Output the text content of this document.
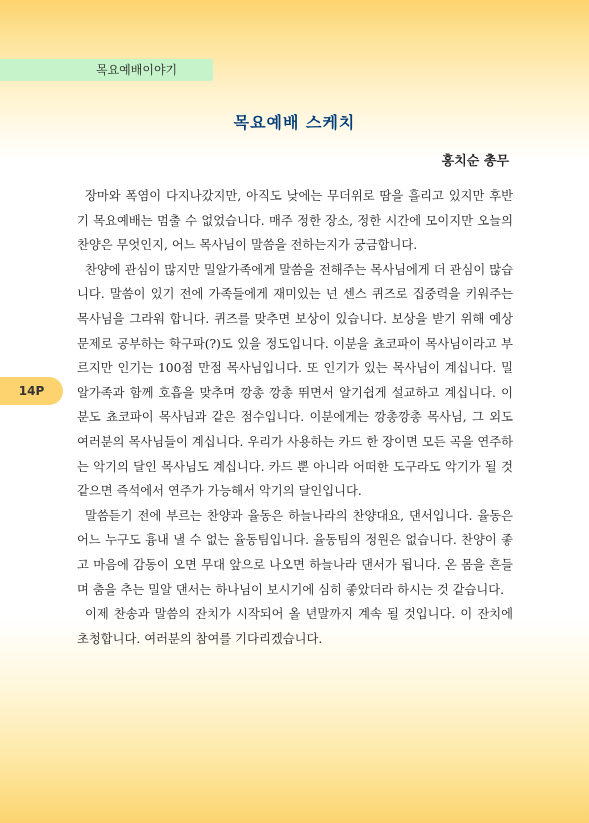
목요예배이야기
목요예배 스케치
홍치순 총무
14P

장마와 폭염이 다지나갔지만, 아직도 낮에는 무더위로 땀을 흘리고 있지만 후반기 목요예배는 멈출 수 없었습니다. 매주 정한 장소, 정한 시간에 모이지만 오늘의 찬양은 무엇인지, 어느 목사님이 말씀을 전하는지가 궁금합니다.

찬양에 관심이 많지만 밀알가족에게 말씀을 전해주는 목사님에게 더 관심이 많습니다. 말씀이 있기 전에 가족들에게 재미있는 넌 센스 퀴즈로 집중력을 키워주는 목사님을 그라워 합니다. 퀴즈를 맞추면 보상이 있습니다. 보상을 받기 위해 예상 문제로 공부하는 학구파(?)도 있을 정도입니다. 이분을 쵸코파이 목사님이라고 부르지만 인기는 100점 만점 목사님입니다. 또 인기가 있는 목사님이 계십니다. 밀알가족과 함께 호흡을 맞추며 깡총 깡총 뛰면서 알기쉽게 설교하고 계십니다. 이 분도 쵸코파이 목사님과 같은 점수입니다. 이분에게는 깡총깡총 목사님, 그 외도 여러분의 목사님들이 계십니다. 우리가 사용하는 카드 한 장이면 모든 곡을 연주하는 악기의 달인 목사님도 계십니다. 카드 뿐 아니라 어떠한 도구라도 악기가 될 것 같으면 즉석에서 연주가 가능해서 악기의 달인입니다.

말씀듣기 전에 부르는 찬양과 율동은 하늘나라의 찬양대요, 댄서입니다. 율동은 어느 누구도 흉내 낼 수 없는 율동팀입니다. 율동팀의 정원은 없습니다. 찬양이 좋고 마음에 감동이 오면 무대 앞으로 나오면 하늘나라 댄서가 됩니다. 온 몸을 흔들며 춤을 추는 밀알 댄서는 하나님이 보시기에 심히 좋았더라 하시는 것 같습니다.

이제 찬송과 말씀의 잔치가 시작되어 올 년말까지 계속 될 것입니다. 이 잔치에 초청합니다. 여러분의 참여를 기다리겠습니다.
